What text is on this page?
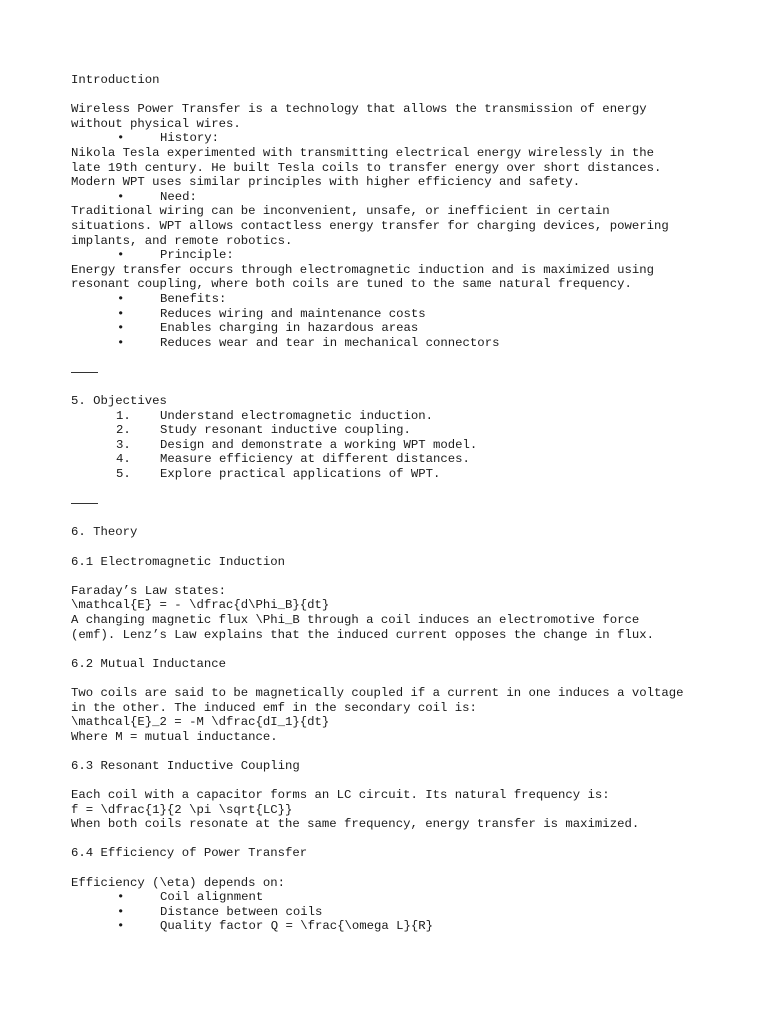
Introduction
Wireless Power Transfer is a technology that allows the transmission of energy
without physical wires.

•

	History:

Nikola Tesla experimented with transmitting electrical energy wirelessly in the
late 19th century. He built Tesla coils to transfer energy over short distances.
Modern WPT uses similar principles with higher efficiency and safety.

•

	Need:

Traditional wiring can be inconvenient, unsafe, or inefficient in certain
situations. WPT allows contactless energy transfer for charging devices, powering
implants, and remote robotics.

•

	Principle:

Energy transfer occurs through electromagnetic induction and is maximized using
resonant coupling, where both coils are tuned to the same natural frequency.

•

	Benefits:

•

	Reduces wiring and maintenance costs

•

	Enables charging in hazardous areas

•

	Reduces wear and tear in mechanical connectors

5. Objectives

1.

Understand electromagnetic induction.

2.

Study resonant inductive coupling.

3.

Design and demonstrate a working WPT model.

4.

Measure efficiency at different distances.

5.

Explore practical applications of WPT.

6. Theory
6.1 Electromagnetic Induction
Faraday’s Law states:
\mathcal{E} = - \dfrac{d\Phi_B}{dt}
A changing magnetic flux \Phi_B through a coil induces an electromotive force
(emf). Lenz’s Law explains that the induced current opposes the change in flux.
6.2 Mutual Inductance
Two coils are said to be magnetically coupled if a current in one induces a voltage
in the other. The induced emf in the secondary coil is:
\mathcal{E}_2 = -M \dfrac{dI_1}{dt}
Where M = mutual inductance.
6.3 Resonant Inductive Coupling
Each coil with a capacitor forms an LC circuit. Its natural frequency is:
f = \dfrac{1}{2 \pi \sqrt{LC}}
When both coils resonate at the same frequency, energy transfer is maximized.
6.4 Efficiency of Power Transfer
Efficiency (\eta) depends on:

•

	Coil alignment

•

	Distance between coils

•

	Quality factor Q = \frac{\omega L}{R}
